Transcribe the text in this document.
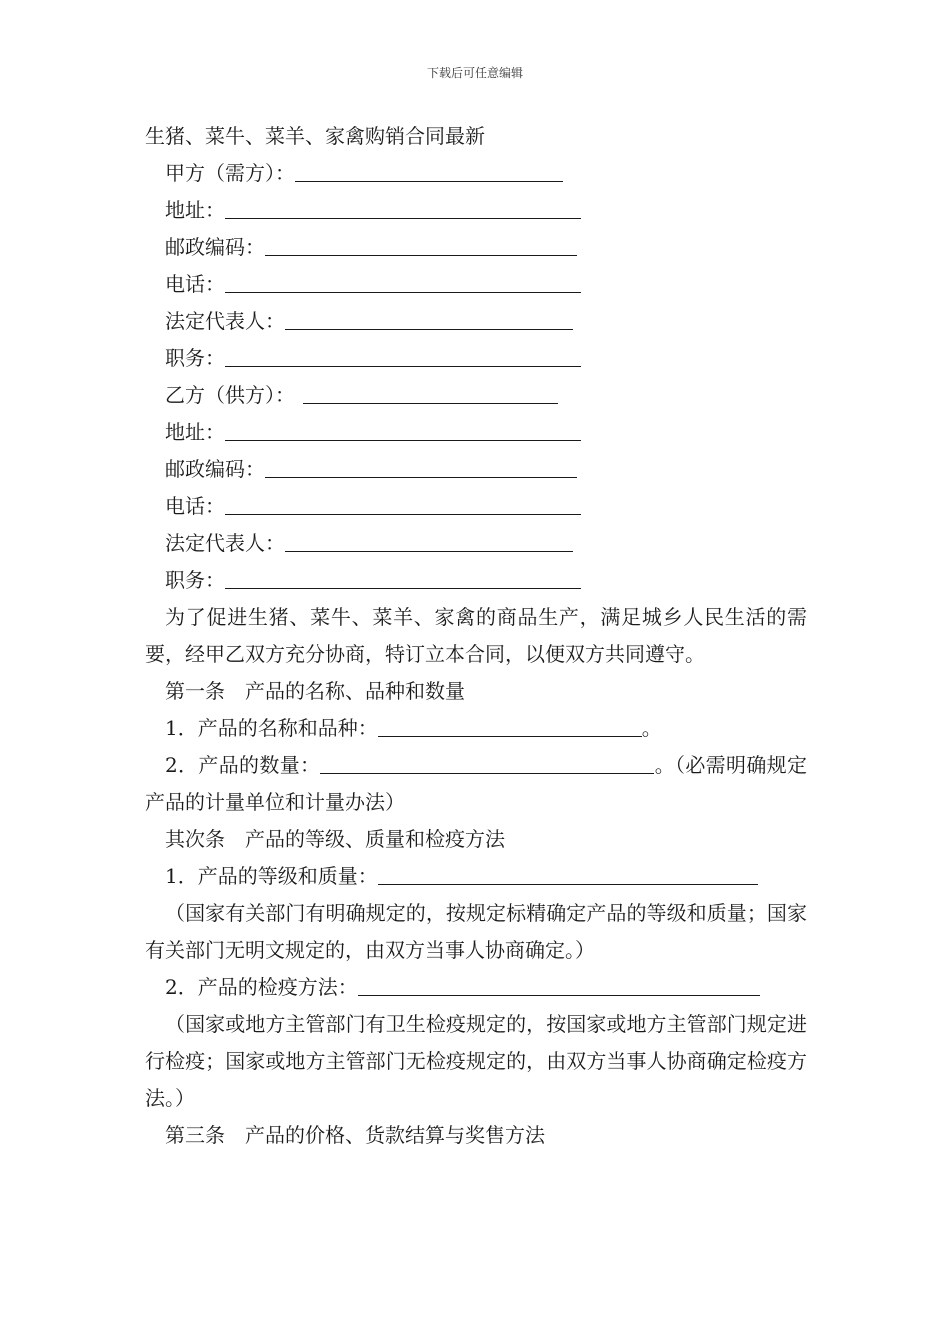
下载后可任意编辑
生猪、菜牛、菜羊、家禽购销合同最新
甲方（需方）：
地址：
邮政编码：
电话：
法定代表人：
职务：
乙方（供方）：
地址：
邮政编码：
电话：
法定代表人：
职务：
为了促进生猪、菜牛、菜羊、家禽的商品生产，满足城乡人民生活的需要，经甲乙双方充分协商，特订立本合同，以便双方共同遵守。
第一条 产品的名称、品种和数量
1．产品的名称和品种：	。
2．产品的数量：	。（必需明确规定产品的计量单位和计量办法）
其次条 产品的等级、质量和检疫方法
1．产品的等级和质量：
（国家有关部门有明确规定的，按规定标精确定产品的等级和质量；国家有关部门无明文规定的，由双方当事人协商确定。）
2．产品的检疫方法：
（国家或地方主管部门有卫生检疫规定的，按国家或地方主管部门规定进行检疫；国家或地方主管部门无检疫规定的，由双方当事人协商确定检疫方法。）
第三条 产品的价格、货款结算与奖售方法
